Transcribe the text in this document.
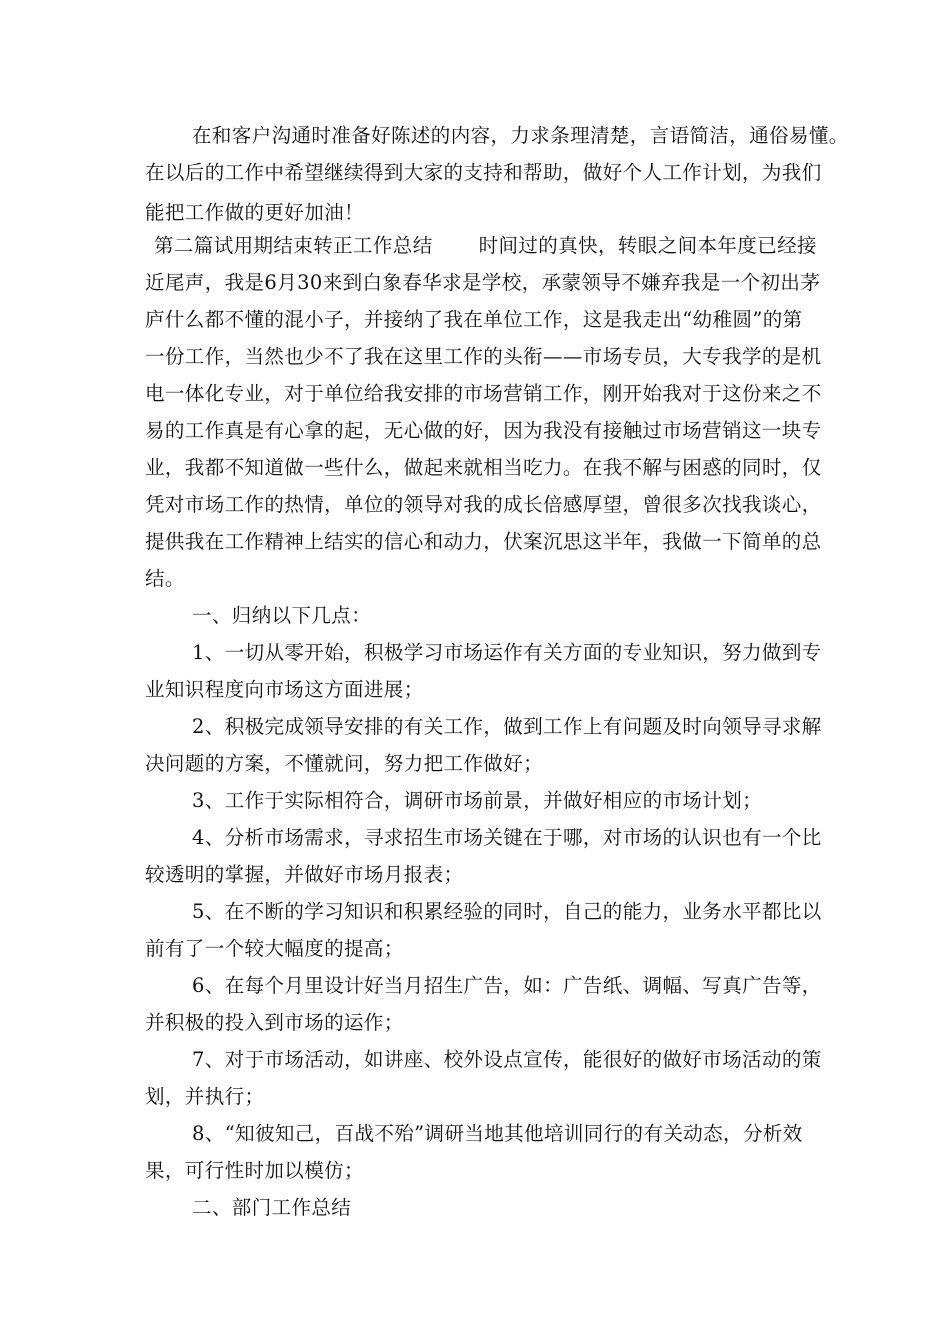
在和客户沟通时准备好陈述的内容，力求条理清楚，言语简洁，通俗易懂。
在以后的工作中希望继续得到大家的支持和帮助，做好个人工作计划，为我们
能把工作做的更好加油！
第二篇试用期结束转正工作总结 时间过的真快，转眼之间本年度已经接
近尾声，我是6月30来到白象春华求是学校，承蒙领导不嫌弃我是一个初出茅
庐什么都不懂的混小子，并接纳了我在单位工作，这是我走出“幼稚圆”的第
一份工作，当然也少不了我在这里工作的头衔——市场专员，大专我学的是机
电一体化专业，对于单位给我安排的市场营销工作，刚开始我对于这份来之不
易的工作真是有心拿的起，无心做的好，因为我没有接触过市场营销这一块专
业，我都不知道做一些什么，做起来就相当吃力。在我不解与困惑的同时，仅
凭对市场工作的热情，单位的领导对我的成长倍感厚望，曾很多次找我谈心，
提供我在工作精神上结实的信心和动力，伏案沉思这半年，我做一下简单的总
结。
一、归纳以下几点：
1、一切从零开始，积极学习市场运作有关方面的专业知识，努力做到专
业知识程度向市场这方面进展；
2、积极完成领导安排的有关工作，做到工作上有问题及时向领导寻求解
决问题的方案，不懂就问，努力把工作做好；
3、工作于实际相符合，调研市场前景，并做好相应的市场计划；
4、分析市场需求，寻求招生市场关键在于哪，对市场的认识也有一个比
较透明的掌握，并做好市场月报表；
5、在不断的学习知识和积累经验的同时，自己的能力，业务水平都比以
前有了一个较大幅度的提高；
6、在每个月里设计好当月招生广告，如：广告纸、调幅、写真广告等，
并积极的投入到市场的运作；
7、对于市场活动，如讲座、校外设点宣传，能很好的做好市场活动的策
划，并执行；
8、“知彼知己，百战不殆”调研当地其他培训同行的有关动态，分析效
果，可行性时加以模仿；
二、部门工作总结
